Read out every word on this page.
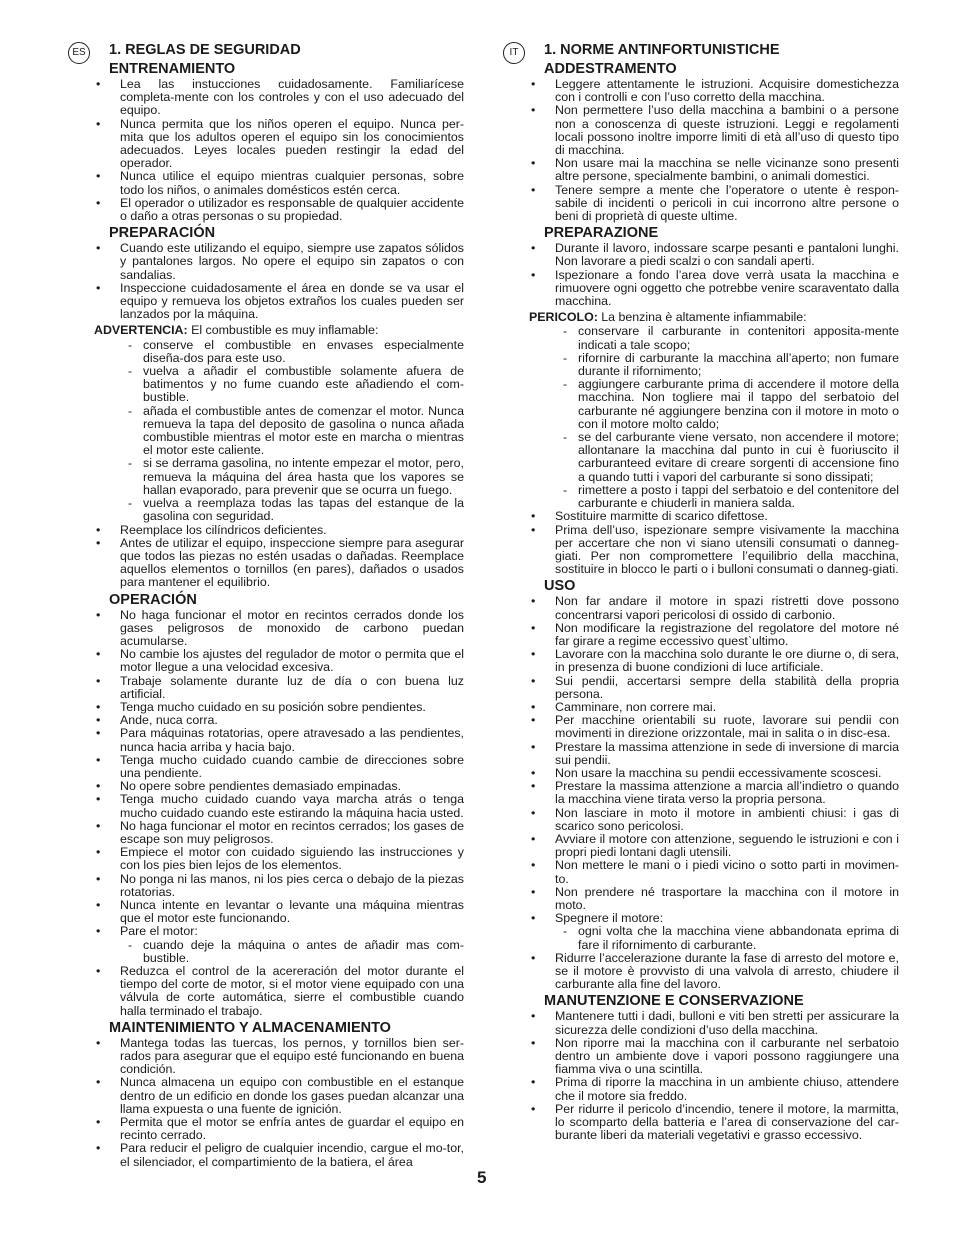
ES 1. REGLAS DE SEGURIDAD
ENTRENAMIENTO
• Lea las instucciones cuidadosamente. Familiarícese completa-mente con los controles y con el uso adecuado del equipo.
• Nunca permita que los niños operen el equipo. Nunca per-mita que los adultos operen el equipo sin los conocimientos adecuados. Leyes locales pueden restingir la edad del operador.
• Nunca utilice el equipo mientras cualquier personas, sobre todo los niños, o animales domésticos estén cerca.
• El operador o utilizador es responsable de qualquier accidente o daño a otras personas o su propiedad.
PREPARACIÓN
• Cuando este utilizando el equipo, siempre use zapatos sólidos y pantalones largos. No opere el equipo sin zapatos o con sandalias.
• Inspeccione cuidadosamente el área en donde se va usar el equipo y remueva los objetos extraños los cuales pueden ser lanzados por la máquina.
ADVERTENCIA: El combustible es muy inflamable:
- conserve el combustible en envases especialmente diseña-dos para este uso.
- vuelva a añadir el combustible solamente afuera de batimentos y no fume cuando este añadiendo el com-bustible.
- añada el combustible antes de comenzar el motor. Nunca remueva la tapa del deposito de gasolina o nunca añada combustible mientras el motor este en marcha o mientras el motor este caliente.
- si se derrama gasolina, no intente empezar el motor, pero, remueva la máquina del área hasta que los vapores se hallan evaporado, para prevenir que se ocurra un fuego.
- vuelva a reemplaza todas las tapas del estanque de la gasolina con seguridad.
• Reemplace los cilíndricos deficientes.
• Antes de utilizar el equipo, inspeccione siempre para asegurar que todos las piezas no estén usadas o dañadas. Reemplace aquellos elementos o tornillos (en pares), dañados o usados para mantener el equilibrio.
OPERACIÓN
• No haga funcionar el motor en recintos cerrados donde los gases peligrosos de monoxido de carbono puedan acumularse.
• No cambie los ajustes del regulador de motor o permita que el motor llegue a una velocidad excesiva.
• Trabaje solamente durante luz de día o con buena luz artificial.
• Tenga mucho cuidado en su posición sobre pendientes.
• Ande, nuca corra.
• Para máquinas rotatorias, opere atravesado a las pendientes, nunca hacia arriba y hacia bajo.
• Tenga mucho cuidado cuando cambie de direcciones sobre una pendiente.
• No opere sobre pendientes demasiado empinadas.
• Tenga mucho cuidado cuando vaya marcha atrás o tenga mucho cuidado cuando este estirando la máquina hacia usted.
• No haga funcionar el motor en recintos cerrados; los gases de escape son muy peligrosos.
• Empiece el motor con cuidado siguiendo las instrucciones y con los pies bien lejos de los elementos.
• No ponga ni las manos, ni los pies cerca o debajo de la piezas rotatorias.
• Nunca intente en levantar o levante una máquina mientras que el motor este funcionando.
• Pare el motor:
- cuando deje la máquina o antes de añadir mas com-bustible.
• Reduzca el control de la acereración del motor durante el tiempo del corte de motor, si el motor viene equipado con una válvula de corte automática, sierre el combustible cuando halla terminado el trabajo.
MAINTENIMIENTO Y ALMACENAMIENTO
• Mantega todas las tuercas, los pernos, y tornillos bien ser-rados para asegurar que el equipo esté funcionando en buena condición.
• Nunca almacena un equipo con combustible en el estanque dentro de un edificio en donde los gases puedan alcanzar una llama expuesta o una fuente de ignición.
• Permita que el motor se enfría antes de guardar el equipo en recinto cerrado.
• Para reducir el peligro de cualquier incendio, cargue el mo-tor, el silenciador, el compartimiento de la batiera, el área
IT	1. NORME ANTINFORTUNISTICHE
ADDESTRAMENTO
• Leggere attentamente le istruzioni. Acquisire domestichezza con i controlli e con l’uso corretto della macchina.
• Non permettere l’uso della macchina a bambini o a persone non a conoscenza di queste istruzioni. Leggi e regolamenti locali possono inoltre imporre limiti di età all’uso di questo tipo di macchina.
• Non usare mai la macchina se nelle vicinanze sono presenti altre persone, specialmente bambini, o animali domestici.
• Tenere sempre a mente che l’operatore o utente è respon-sabile di incidenti o pericoli in cui incorrono altre persone o beni di proprietà di queste ultime.
PREPARAZIONE
• Durante il lavoro, indossare scarpe pesanti e pantaloni lunghi. Non lavorare a piedi scalzi o con sandali aperti.
• Ispezionare a fondo l’area dove verrà usata la macchina e rimuovere ogni oggetto che potrebbe venire scaraventato dalla macchina.
PERICOLO: La benzina è altamente infiammabile:
- conservare il carburante in contenitori apposita-mente indicati a tale scopo;
- rifornire di carburante la macchina all’aperto; non fumare durante il rifornimento;
- aggiungere carburante prima di accendere il motore della macchina. Non togliere mai il tappo del serbatoio del carburante né aggiungere benzina con il motore in moto o con il motore molto caldo;
- se del carburante viene versato, non accendere il motore; allontanare la macchina dal punto in cui è fuoriuscito il carburanteed evitare di creare sorgenti di accensione fino a quando tutti i vapori del carburante si sono dissipati;
- rimettere a posto i tappi del serbatoio e del contenitore del carburante e chiuderli in maniera salda.
• Sostituire marmitte di scarico difettose.
• Prima dell’uso, ispezionare sempre visivamente la macchina per accertare che non vi siano utensili consumati o danneg-giati. Per non compromettere l’equilibrio della macchina, sostituire in blocco le parti o i bulloni consumati o danneg-giati.
USO
• Non far andare il motore in spazi ristretti dove possono concentrarsi vapori pericolosi di ossido di carbonio.
• Non modificare la registrazione del regolatore del motore né far girare a regime eccessivo quest`ultimo.
• Lavorare con la macchina solo durante le ore diurne o, di sera, in presenza di buone condizioni di luce artificiale.
• Sui pendii, accertarsi sempre della stabilità della propria persona.
• Camminare, non correre mai.
• Per macchine orientabili su ruote, lavorare sui pendii con movimenti in direzione orizzontale, mai in salita o in disc-esa.
• Prestare la massima attenzione in sede di inversione di marcia sui pendii.
• Non usare la macchina su pendii eccessivamente scoscesi.
• Prestare la massima attenzione a marcia all’indietro o quando la macchina viene tirata verso la propria persona.
• Non lasciare in moto il motore in ambienti chiusi: i gas di scarico sono pericolosi.
• Avviare il motore con attenzione, seguendo le istruzioni e con i propri piedi lontani dagli utensili.
• Non mettere le mani o i piedi vicino o sotto parti in movimen-to.
• Non prendere né trasportare la macchina con il motore in moto.
• Spegnere il motore:
- ogni volta che la macchina viene abbandonata eprima di fare il rifornimento di carburante.
• Ridurre l’accelerazione durante la fase di arresto del motore e, se il motore è provvisto di una valvola di arresto, chiudere il carburante alla fine del lavoro.
MANUTENZIONE E CONSERVAZIONE
• Mantenere tutti i dadi, bulloni e viti ben stretti per assicurare la sicurezza delle condizioni d’uso della macchina.
• Non riporre mai la macchina con il carburante nel serbatoio dentro un ambiente dove i vapori possono raggiungere una fiamma viva o una scintilla.
• Prima di riporre la macchina in un ambiente chiuso, attendere che il motore sia freddo.
• Per ridurre il pericolo d’incendio, tenere il motore, la marmitta, lo scomparto della batteria e l’area di conservazione del car-burante liberi da materiali vegetativi e grasso eccessivo.
5
